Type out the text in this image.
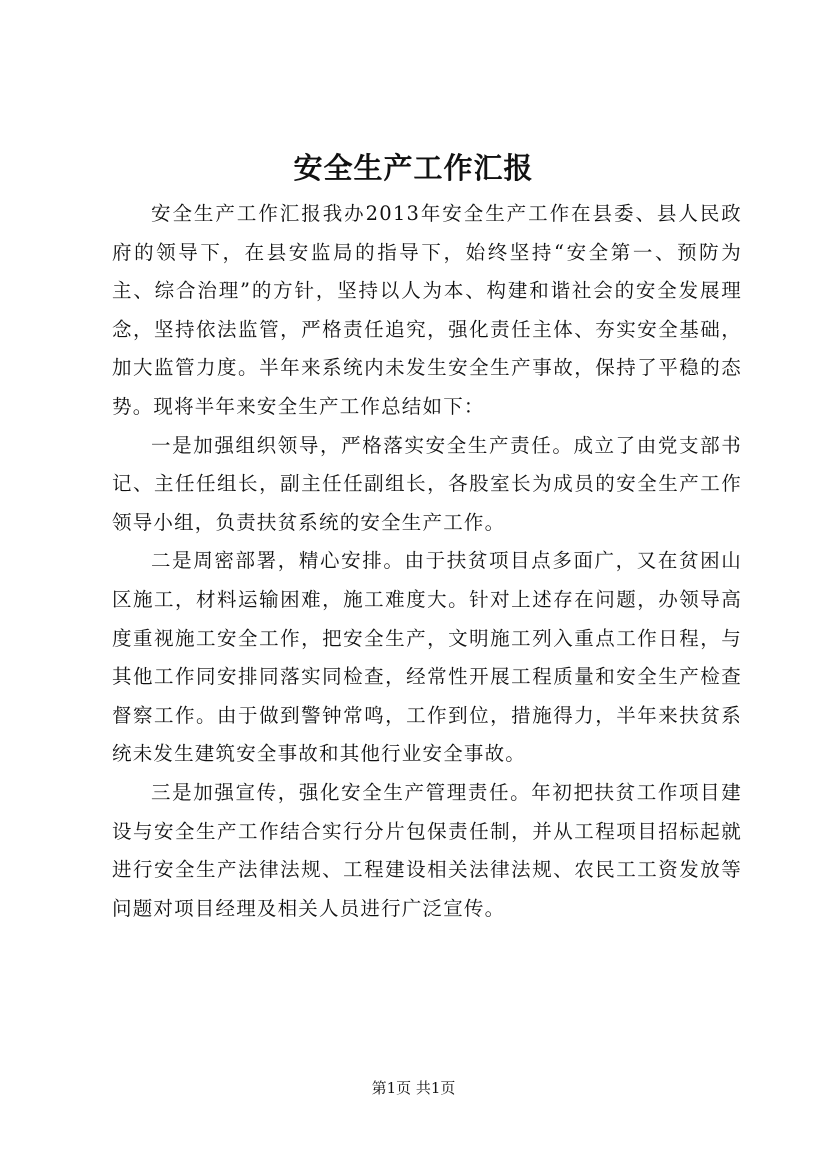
安全生产工作汇报

安全生产工作汇报我办2013年安全生产工作在县委、县人民政府的领导下，在县安监局的指导下，始终坚持“安全第一、预防为主、综合治理”的方针，坚持以人为本、构建和谐社会的安全发展理念，坚持依法监管，严格责任追究，强化责任主体、夯实安全基础，加大监管力度。半年来系统内未发生安全生产事故，保持了平稳的态势。现将半年来安全生产工作总结如下：

一是加强组织领导，严格落实安全生产责任。成立了由党支部书记、主任任组长，副主任任副组长，各股室长为成员的安全生产工作领导小组，负责扶贫系统的安全生产工作。

二是周密部署，精心安排。由于扶贫项目点多面广，又在贫困山区施工，材料运输困难，施工难度大。针对上述存在问题，办领导高度重视施工安全工作，把安全生产，文明施工列入重点工作日程，与其他工作同安排同落实同检查，经常性开展工程质量和安全生产检查督察工作。由于做到警钟常鸣，工作到位，措施得力，半年来扶贫系统未发生建筑安全事故和其他行业安全事故。

三是加强宣传，强化安全生产管理责任。年初把扶贫工作项目建设与安全生产工作结合实行分片包保责任制，并从工程项目招标起就进行安全生产法律法规、工程建设相关法律法规、农民工工资发放等问题对项目经理及相关人员进行广泛宣传。

第1页 共1页
